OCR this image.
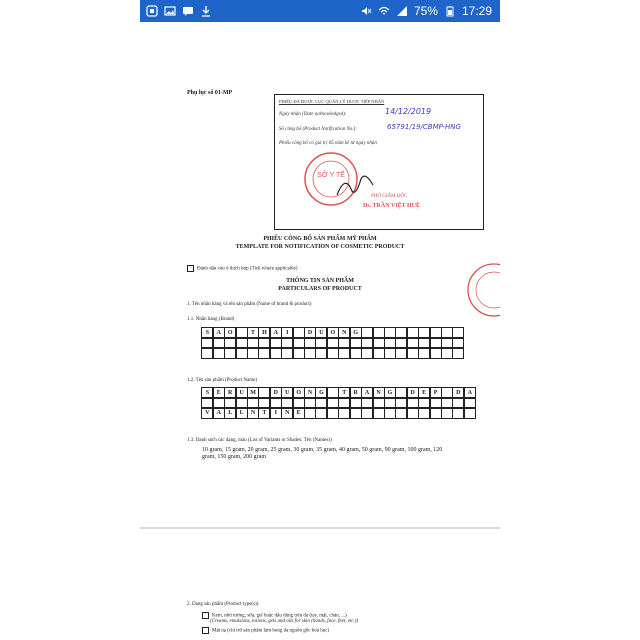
75% 17:29
Phụ lục số 01-MP
PHIẾU ĐÃ ĐƯỢC CỤC QUẢN LÝ DƯỢC TIẾP NHẬN
Ngày nhận (Date acknowledged):	14/12/2019
Số công bố (Product Notification No.):	65791/19/CBMP-HNG
Phiếu công bố có giá trị 05 năm kể từ ngày nhận
SỞ Y TẾ
PHÓ GIÁM ĐỐC
Ds. TRẦN VIỆT HUỆ
PHIẾU CÔNG BỐ SẢN PHẨM MỸ PHẨM
TEMPLATE FOR NOTIFICATION OF COSMETIC PRODUCT
Đánh dấu vào ô thích hợp (Tick where applicable)
THÔNG TIN SẢN PHẨM
PARTICULARS OF PRODUCT
1. Tên nhãn hàng và tên sản phẩm (Name of brand & product)
1.1. Nhãn hàng (Brand)
S	A	O	T	H	A	I	D	U	O	N	G
1.2. Tên sản phẩm (Product Name)
S	E	R	U	M	D	U	O	N	G	T	R	A	N	G	D	E	P	D	A
V	A	L	L	N	T	I	N	E
1.3. Danh sách các dạng, màu (List of Variants or Shades; Tên (Names))
10 gram, 15 gram, 20 gram, 25 gram, 30 gram, 35 gram, 40 gram, 50 gram, 90 gram, 100 gram, 120 gram, 150 gram, 200 gram
2. Dạng sản phẩm (Product type(s))
Kem, nhũ tương, sữa, gel hoặc dầu dùng trên da (tay, mặt, chân, ...)
(Creams, emulsions, lotions, gels and oils for skin (hands, face, feet, etc.))
Mặt nạ (chỉ trừ sản phẩm làm bong da nguồn gốc hoá học)
